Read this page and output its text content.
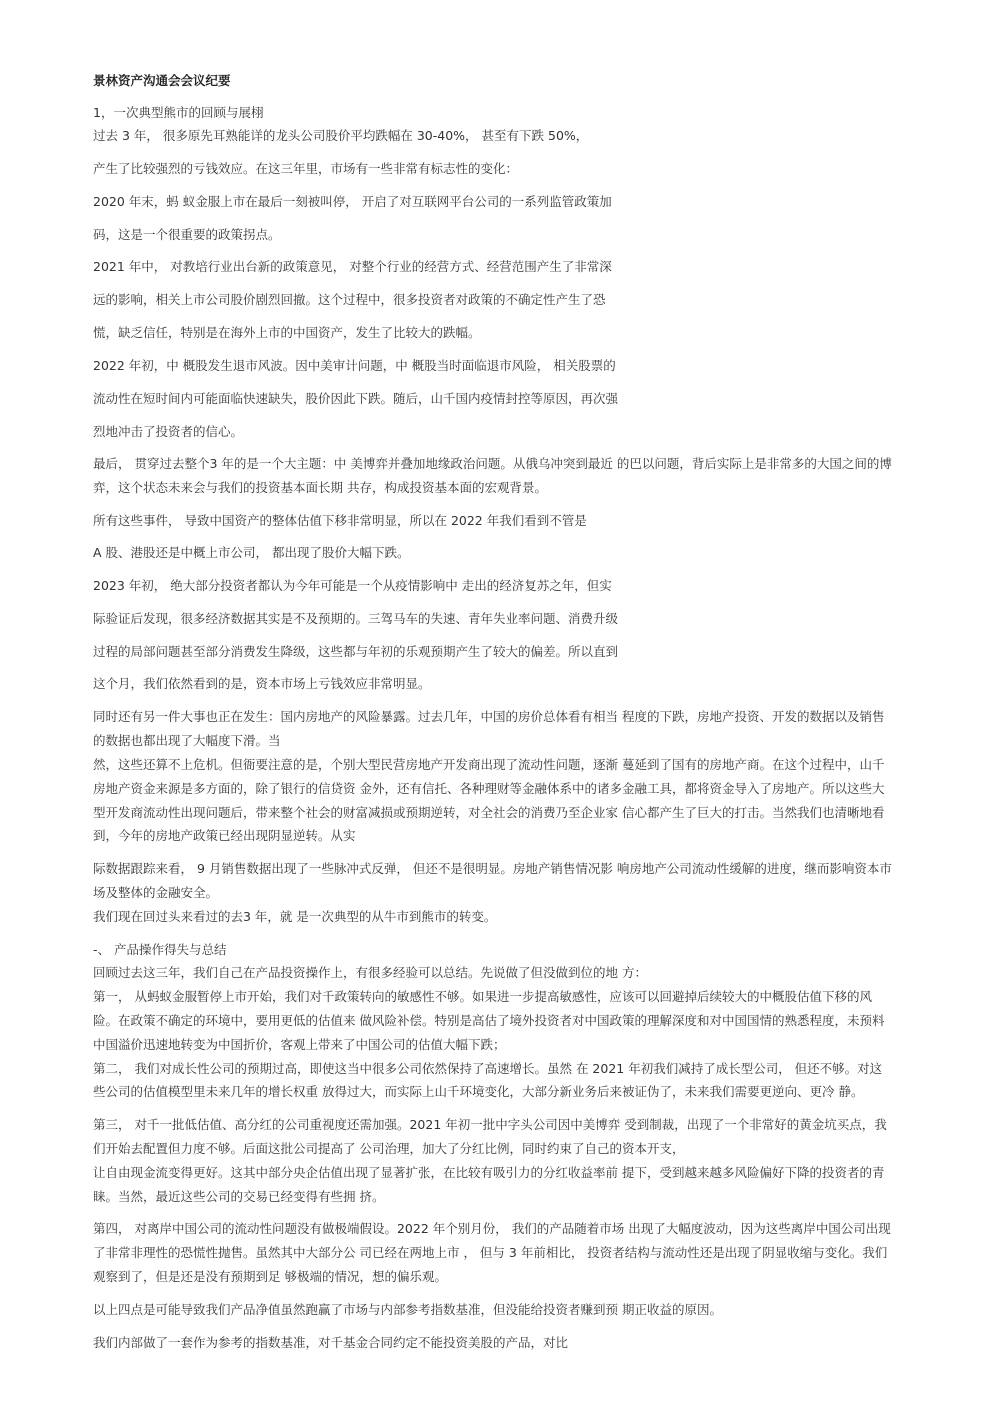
景林资产沟通会会议纪要
1，一次典型熊市的回顾与展栩
过去 3 年， 很多原先耳熟能详的龙头公司股价平均跌幅在 30-40%， 甚至有下跌 50%，
产生了比较强烈的亏钱效应。在这三年里，市场有一些非常有标志性的变化：
2020 年末，蚂 蚁金服上市在最后一刻被叫停， 开启了对互联网平台公司的一系列监管政策加
码，这是一个很重要的政策拐点。
2021 年中， 对教培行业出台新的政策意见， 对整个行业的经营方式、经营范围产生了非常深
远的影响，相关上市公司股价剧烈回撤。这个过程中，很多投资者对政策的不确定性产生了恐
慌，缺乏信任，特别是在海外上市的中国资产，发生了比较大的跌幅。
2022 年初，中 概股发生退市风波。因中美审计问题，中 概股当时面临退市风险， 相关股票的
流动性在短时间内可能面临快速缺失，股价因此下跌。随后，山千国内疫情封控等原因，再次强
烈地冲击了投资者的信心。
最后， 贯穿过去整个3 年的是一个大主题：中 美博弈并叠加地缘政治问题。从俄乌冲突到最近 的巴以问题，背后实际上是非常多的大国之间的博
弈，这个状态未来会与我们的投资基本面长期 共存，构成投资基本面的宏观背景。
所有这些事件， 导致中国资产的整体估值下移非常明显，所以在 2022 年我们看到不管是
A 股、港股还是中概上市公司， 都出现了股价大幅下跌。
2023 年初， 绝大部分投资者都认为今年可能是一个从疫情影响中 走出的经济复苏之年，但实
际验证后发现，很多经济数据其实是不及预期的。三驾马车的失速、青年失业率问题、消费升级
过程的局部问题甚至部分消费发生降级，这些都与年初的乐观预期产生了较大的偏差。所以直到
这个月，我们依然看到的是，资本市场上亏钱效应非常明显。
同时还有另一件大事也正在发生：国内房地产的风险暴露。过去几年，中国的房价总体看有相当 程度的下跌，房地产投资、开发的数据以及销售
的数据也都出现了大幅度下滑。当
然，这些还算不上危机。但衙要注意的是，个别大型民营房地产开发商出现了流动性问题，逐渐 蔓延到了国有的房地产商。在这个过程中，山千
房地产资金来源是多方面的，除了银行的信贷资 金外，还有信托、各种理财等金融体系中的诸多金融工具，都将资金导入了房地产。所以这些大
型开发商流动性出现问题后，带来整个社会的财富减损或预期逆转，对全社会的消费乃至企业家 信心都产生了巨大的打击。当然我们也清晰地看
到，今年的房地产政策已经出现阴显逆转。从实
际数据跟踪来看， 9 月销售数据出现了一些脉冲式反弹， 但还不是很明显。房地产销售情况影 响房地产公司流动性缓解的进度，继而影响资本市
场及整体的金融安全。
我们现在回过头来看过的去3 年，就 是一次典型的从牛市到熊市的转变。
-、 产品操作得失与总结
回顾过去这三年，我们自己在产品投资操作上，有很多经验可以总结。先说做了但没做到位的地 方：
第一， 从蚂蚁金服暂停上市开始，我们对千政策转向的敏感性不够。如果进一步提高敏感性，应该可以回避掉后续较大的中概股估值下移的风
险。在政策不确定的环境中，要用更低的估值来 做风险补偿。特别是高估了境外投资者对中国政策的理解深度和对中国国情的熟悉程度，未预料
中国溢价迅速地转变为中国折价，客观上带来了中国公司的估值大幅下跌；
第二， 我们对成长性公司的预期过高，即使这当中很多公司依然保持了高速增长。虽然 在 2021 年初我们减持了成长型公司， 但还不够。对这
些公司的估值模型里未来几年的增长权重 放得过大，而实际上山千环境变化，大部分新业务后来被证伪了，未来我们需要更逆向、更冷 静。
第三， 对千一批低估值、高分红的公司重视度还需加强。2021 年初一批中字头公司因中美博弈 受到制裁，出现了一个非常好的黄金坑买点，我
们开始去配置但力度不够。后面这批公司提高了 公司治理，加大了分红比例，同时约束了自己的资本开支，
让自由现金流变得更好。这其中部分央企估值出现了显著扩张，在比较有吸引力的分红收益率前 提下，受到越来越多风险偏好下降的投资者的青
睐。当然，最近这些公司的交易已经变得有些拥 挤。
第四， 对离岸中国公司的流动性问题没有做极端假设。2022 年个别月份， 我们的产品随着市场 出现了大幅度波动，因为这些离岸中国公司出现
了非常非理性的恐慌性抛售。虽然其中大部分公 司已经在两地上市 ， 但与 3 年前相比， 投资者结构与流动性还是出现了阴显收缩与变化。我们
观察到了，但是还是没有预期到足 够极端的情况，想的偏乐观。
以上四点是可能导致我们产品净值虽然跑赢了市场与内部参考指数基准，但没能给投资者赚到预 期正收益的原因。
我们内部做了一套作为参考的指数基准，对千基金合同约定不能投资美股的产品，对比
